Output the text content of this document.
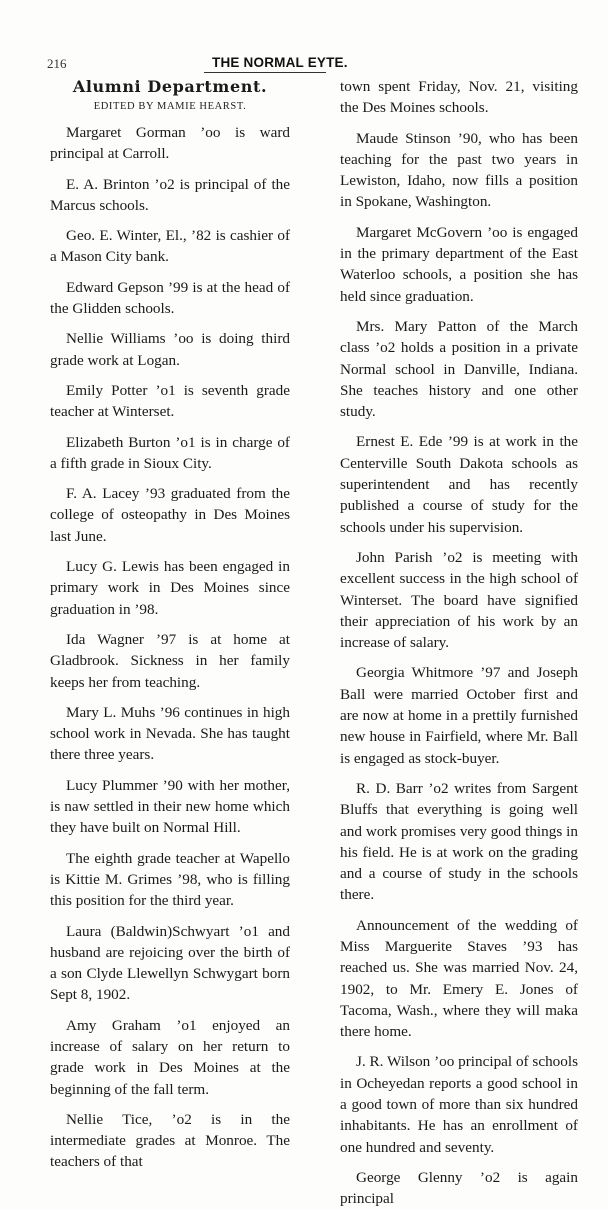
216	THE NORMAL EYTE.
Alumni Department.
EDITED BY MAMIE HEARST.

Margaret Gorman ’oo is ward principal at Carroll.

E. A. Brinton ’o2 is principal of the Marcus schools.

Geo. E. Winter, El., ’82 is cashier of a Mason City bank.

Edward Gepson ’99 is at the head of the Glidden schools.

Nellie Williams ’oo is doing third grade work at Logan.

Emily Potter ’o1 is seventh grade teacher at Winterset.

Elizabeth Burton ’o1 is in charge of a fifth grade in Sioux City.

F. A. Lacey ’93 graduated from the college of osteopathy in Des Moines last June.

Lucy G. Lewis has been engaged in primary work in Des Moines since graduation in ’98.

Ida Wagner ’97 is at home at Gladbrook. Sickness in her family keeps her from teaching.

Mary L. Muhs ’96 continues in high school work in Nevada. She has taught there three years.

Lucy Plummer ’90 with her mother, is naw settled in their new home which they have built on Normal Hill.

The eighth grade teacher at Wapello is Kittie M. Grimes ’98, who is filling this position for the third year.

Laura (Baldwin)Schwyart ’o1 and husband are rejoicing over the birth of a son Clyde Llewellyn Schwygart born Sept 8, 1902.

Amy Graham ’o1 enjoyed an increase of salary on her return to grade work in Des Moines at the beginning of the fall term.

Nellie Tice, ’o2 is in the intermediate grades at Monroe. The teachers of that

town spent Friday, Nov. 21, visiting the Des Moines schools.

Maude Stinson ’90, who has been teaching for the past two years in Lewiston, Idaho, now fills a position in Spokane, Washington.

Margaret McGovern ’oo is engaged in the primary department of the East Waterloo schools, a position she has held since graduation.

Mrs. Mary Patton of the March class ’o2 holds a position in a private Normal school in Danville, Indiana. She teaches history and one other study.

Ernest E. Ede ’99 is at work in the Centerville South Dakota schools as superintendent and has recently published a course of study for the schools under his supervision.

John Parish ’o2 is meeting with excellent success in the high school of Winterset. The board have signified their appreciation of his work by an increase of salary.

Georgia Whitmore ’97 and Joseph Ball were married October first and are now at home in a prettily furnished new house in Fairfield, where Mr. Ball is engaged as stock-buyer.

R. D. Barr ’o2 writes from Sargent Bluffs that everything is going well and work promises very good things in his field. He is at work on the grading and a course of study in the schools there.

Announcement of the wedding of Miss Marguerite Staves ’93 has reached us. She was married Nov. 24, 1902, to Mr. Emery E. Jones of Tacoma, Wash., where they will maka there home.

J. R. Wilson ’oo principal of schools in Ocheyedan reports a good school in a good town of more than six hundred inhabitants. He has an enrollment of one hundred and seventy.

George Glenny ’o2 is again principal
